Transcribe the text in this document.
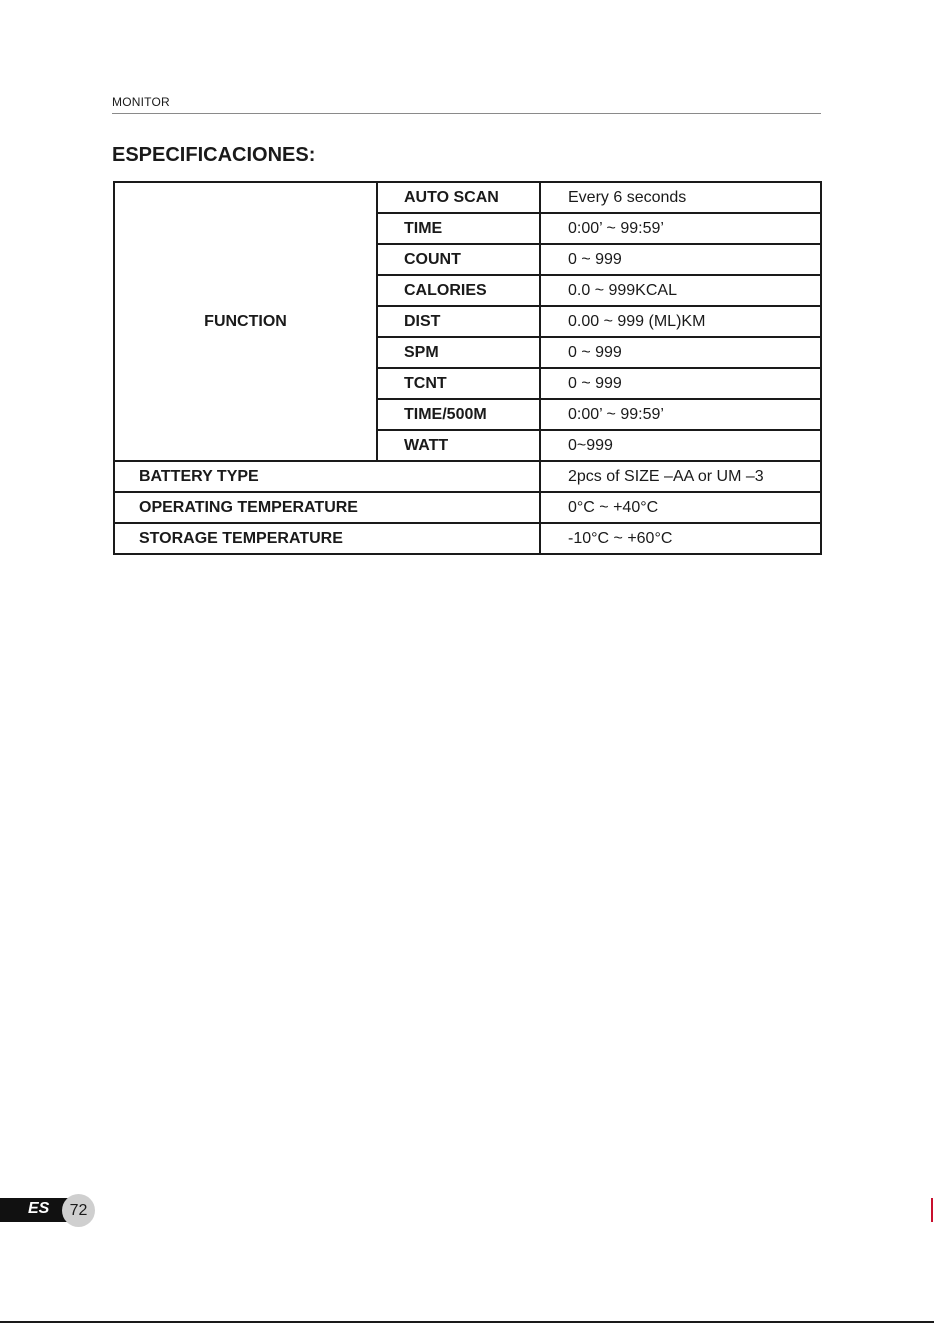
MONITOR
ESPECIFICACIONES:
FUNCTION	AUTO SCAN	Every 6 seconds
	TIME	0:00’ ~ 99:59’
	COUNT	0 ~ 999
	CALORIES	0.0 ~ 999KCAL
	DIST	0.00 ~ 999 (ML)KM
	SPM	0 ~ 999
	TCNT	0 ~ 999
	TIME/500M	0:00’ ~ 99:59’
	WATT	0~999
BATTERY TYPE		2pcs of SIZE –AA or UM –3
OPERATING TEMPERATURE		0°C ~ +40°C
STORAGE TEMPERATURE		-10°C ~ +60°C
ES	72
